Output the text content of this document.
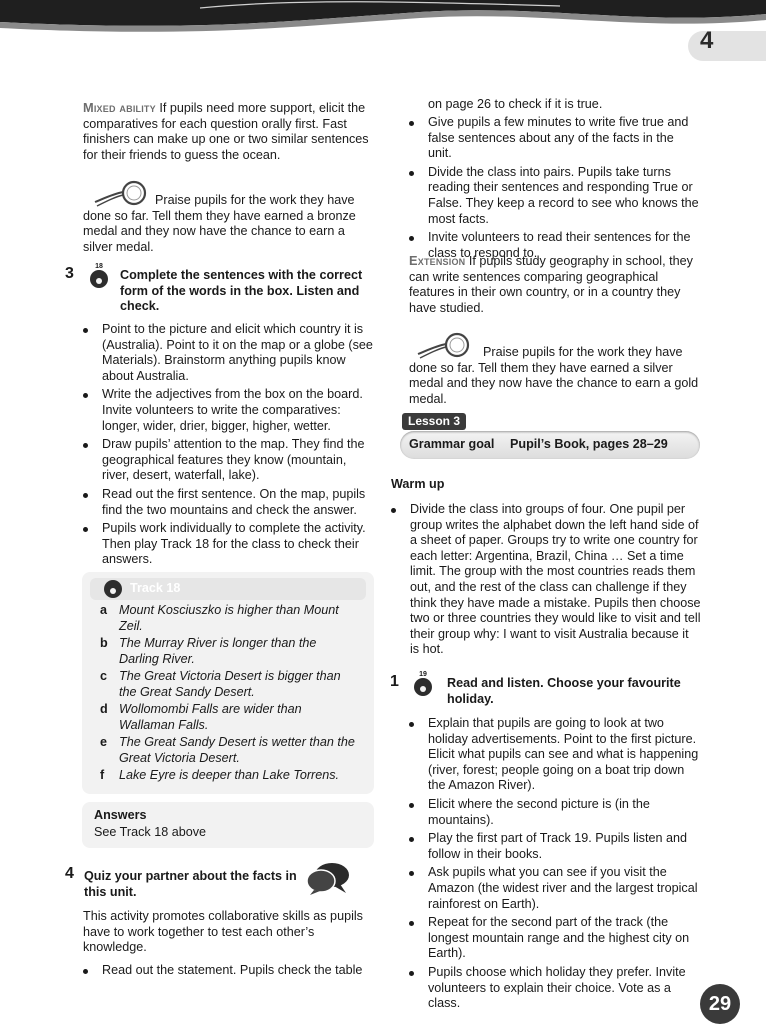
4

Mixed ability If pupils need more support, elicit the comparatives for each question orally first. Fast finishers can make up one or two similar sentences for their friends to guess the ocean.

Praise pupils for the work they have done so far. Tell them they have earned a bronze medal and they now have the chance to earn a silver medal.

3	18
Complete the sentences with the correct form of the words in the box. Listen and check.
Point to the picture and elicit which country it is (Australia). Point to it on the map or a globe (see Materials). Brainstorm anything pupils know about Australia.
Write the adjectives from the box on the board. Invite volunteers to write the comparatives: longer, wider, drier, bigger, higher, wetter.
Draw pupils’ attention to the map. They find the geographical features they know (mountain, river, desert, waterfall, lake).
Read out the first sentence. On the map, pupils find the two mountains and check the answer.
Pupils work individually to complete the activity. Then play Track 18 for the class to check their answers.
Track 18
a Mount Kosciuszko is higher than Mount Zeil.
b The Murray River is longer than the Darling River.
c The Great Victoria Desert is bigger than the Great Sandy Desert.
d Wollomombi Falls are wider than Wallaman Falls.
e The Great Sandy Desert is wetter than the Great Victoria Desert.
f Lake Eyre is deeper than Lake Torrens.
Answers
See Track 18 above
4 Quiz your partner about the facts in this unit.
This activity promotes collaborative skills as pupils have to work together to test each other’s knowledge.
Read out the statement. Pupils check the table
on page 26 to check if it is true.
Give pupils a few minutes to write five true and false sentences about any of the facts in the unit.
Divide the class into pairs. Pupils take turns reading their sentences and responding True or False. They keep a record to see who knows the most facts.
Invite volunteers to read their sentences for the class to respond to.

Extension If pupils study geography in school, they can write sentences comparing geographical features in their own country, or in a country they have studied.

Praise pupils for the work they have done so far. Tell them they have earned a silver medal and they now have the chance to earn a gold medal.

Lesson 3
Grammar goal Pupil’s Book, pages 28–29
Warm up
Divide the class into groups of four. One pupil per group writes the alphabet down the left hand side of a sheet of paper. Groups try to write one country for each letter: Argentina, Brazil, China … Set a time limit. The group with the most countries reads them out, and the rest of the class can challenge if they think they have made a mistake. Pupils then choose two or three countries they would like to visit and tell their group why: I want to visit Australia because it is hot.
1	19
Read and listen. Choose your favourite holiday.
Explain that pupils are going to look at two holiday advertisements. Point to the first picture. Elicit what pupils can see and what is happening (river, forest; people going on a boat trip down the Amazon River).
Elicit where the second picture is (in the mountains).
Play the first part of Track 19. Pupils listen and follow in their books.
Ask pupils what you can see if you visit the Amazon (the widest river and the largest tropical rainforest on Earth).
Repeat for the second part of the track (the longest mountain range and the highest city on Earth).
Pupils choose which holiday they prefer. Invite volunteers to explain their choice. Vote as a class.	29
